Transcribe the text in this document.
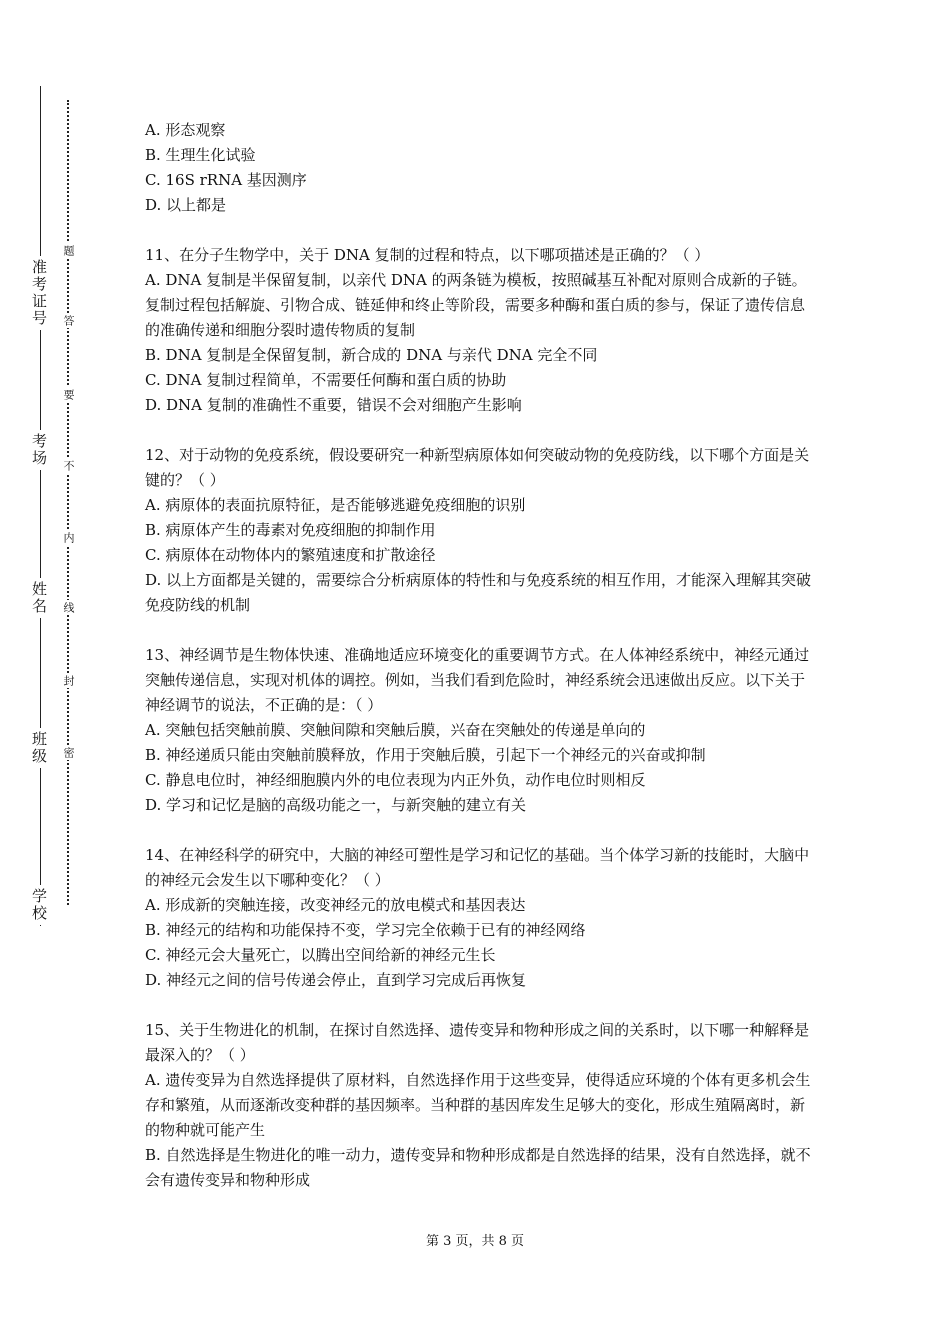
准考证号
考场
姓名
班级
学校
题
答
要
不
内
线
封
密

A. 形态观察

B. 生理生化试验

C. 16S rRNA 基因测序

D. 以上都是

11、在分子生物学中，关于 DNA 复制的过程和特点，以下哪项描述是正确的？（ ）

A. DNA 复制是半保留复制，以亲代 DNA 的两条链为模板，按照碱基互补配对原则合成新的子链。复制过程包括解旋、引物合成、链延伸和终止等阶段，需要多种酶和蛋白质的参与，保证了遗传信息的准确传递和细胞分裂时遗传物质的复制

B. DNA 复制是全保留复制，新合成的 DNA 与亲代 DNA 完全不同

C. DNA 复制过程简单，不需要任何酶和蛋白质的协助

D. DNA 复制的准确性不重要，错误不会对细胞产生影响

12、对于动物的免疫系统，假设要研究一种新型病原体如何突破动物的免疫防线，以下哪个方面是关键的？（ ）

A. 病原体的表面抗原特征，是否能够逃避免疫细胞的识别

B. 病原体产生的毒素对免疫细胞的抑制作用

C. 病原体在动物体内的繁殖速度和扩散途径

D. 以上方面都是关键的，需要综合分析病原体的特性和与免疫系统的相互作用，才能深入理解其突破免疫防线的机制

13、神经调节是生物体快速、准确地适应环境变化的重要调节方式。在人体神经系统中，神经元通过突触传递信息，实现对机体的调控。例如，当我们看到危险时，神经系统会迅速做出反应。以下关于神经调节的说法，不正确的是：（ ）

A. 突触包括突触前膜、突触间隙和突触后膜，兴奋在突触处的传递是单向的

B. 神经递质只能由突触前膜释放，作用于突触后膜，引起下一个神经元的兴奋或抑制

C. 静息电位时，神经细胞膜内外的电位表现为内正外负，动作电位时则相反

D. 学习和记忆是脑的高级功能之一，与新突触的建立有关

14、在神经科学的研究中，大脑的神经可塑性是学习和记忆的基础。当个体学习新的技能时，大脑中的神经元会发生以下哪种变化？（ ）

A. 形成新的突触连接，改变神经元的放电模式和基因表达

B. 神经元的结构和功能保持不变，学习完全依赖于已有的神经网络

C. 神经元会大量死亡，以腾出空间给新的神经元生长

D. 神经元之间的信号传递会停止，直到学习完成后再恢复

15、关于生物进化的机制，在探讨自然选择、遗传变异和物种形成之间的关系时，以下哪一种解释是最深入的？（ ）

A. 遗传变异为自然选择提供了原材料，自然选择作用于这些变异，使得适应环境的个体有更多机会生存和繁殖，从而逐渐改变种群的基因频率。当种群的基因库发生足够大的变化，形成生殖隔离时，新的物种就可能产生

B. 自然选择是生物进化的唯一动力，遗传变异和物种形成都是自然选择的结果，没有自然选择，就不会有遗传变异和物种形成

第 3 页，共 8 页
